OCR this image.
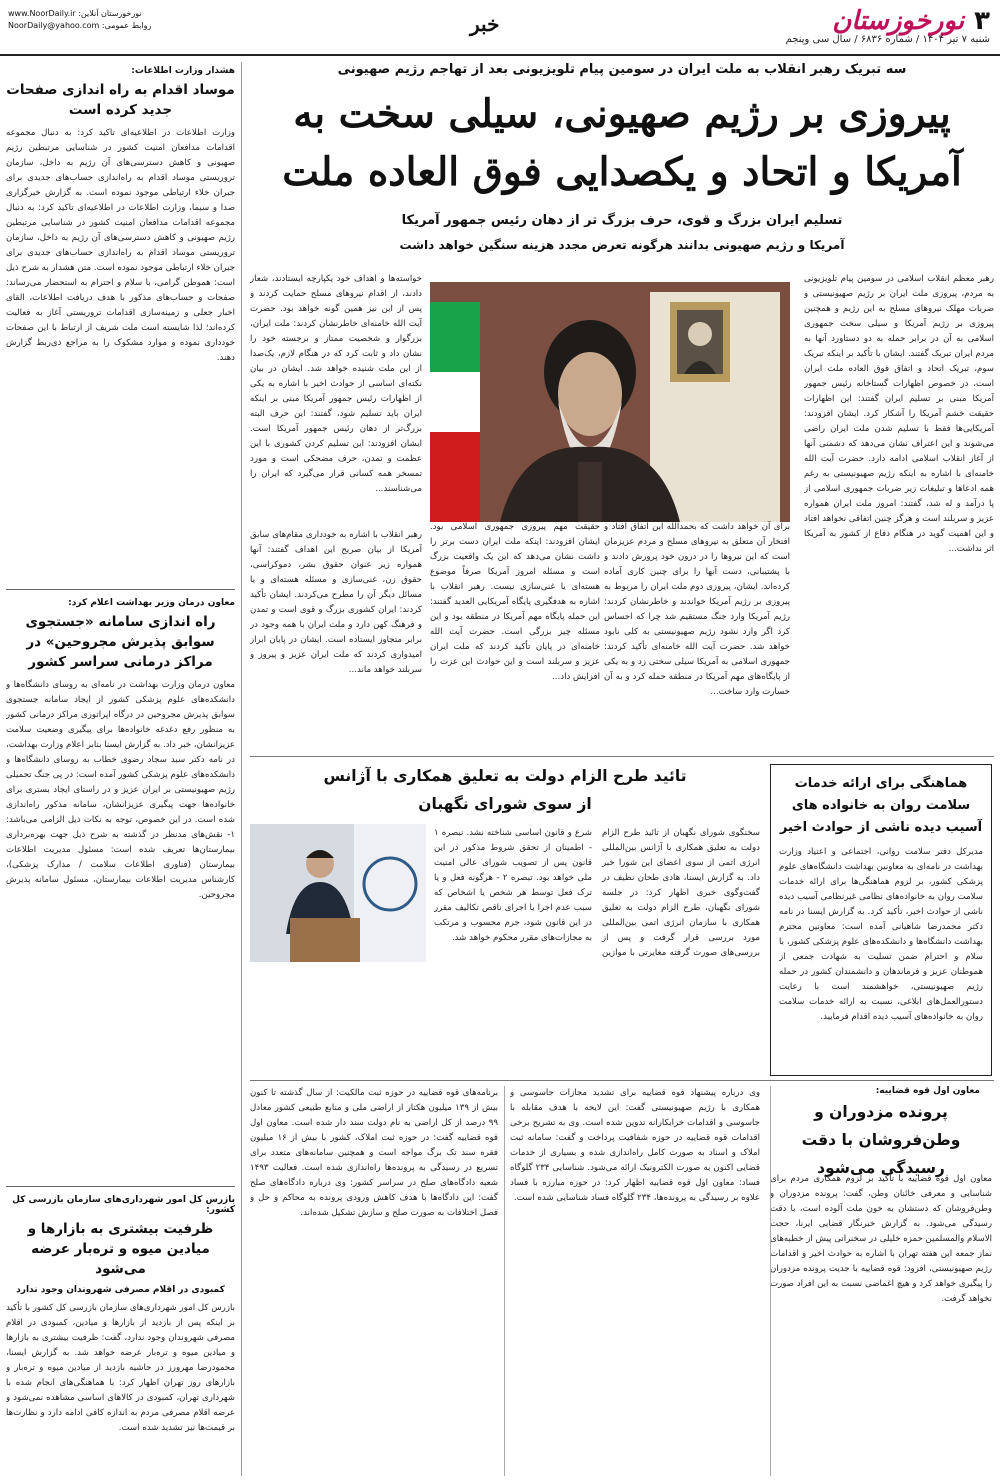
۳
نورخوزستان
شنبه ۷ تیر ۱۴۰۴ / شماره ۶۸۳۶ / سال سی وپنجم
خبر
نورخوزستان آنلاین: www.NoorDaily.ir
روابط عمومی: NoorDaily@yahoo.com
هشدار وزارت اطلاعات:
موساد اقدام به راه اندازی صفحات جدید کرده است
وزارت اطلاعات در اطلاعیه‌ای تاکید کرد: به دنبال مجموعه اقدامات مدافعان امنیت کشور در شناسایی مرتبطین رژیم صهیونی و کاهش دسترسی‌های آن رژیم به داخل، سازمان تروریستی موساد اقدام به راه‌اندازی حساب‌های جدیدی برای جبران خلاء ارتباطی موجود نموده است. به گزارش خبرگزاری صدا و سیما، وزارت اطلاعات در اطلاعیه‌ای تاکید کرد: به دنبال مجموعه اقدامات مدافعان امنیت کشور در شناسایی مرتبطین رژیم صهیونی و کاهش دسترسی‌های آن رژیم به داخل، سازمان تروریستی موساد اقدام به راه‌اندازی حساب‌های جدیدی برای جبران خلاء ارتباطی موجود نموده است. متن هشدار به شرح ذیل است: هموطن گرامی، با سلام و احترام به استحضار می‌رساند: صفحات و حساب‌های مذکور با هدف دریافت اطلاعات، القای اخبار جعلی و زمینه‌سازی اقدامات تروریستی آغاز به فعالیت کرده‌اند؛ لذا شایسته است ملت شریف از ارتباط با این صفحات خودداری نموده و موارد مشکوک را به مراجع ذی‌ربط گزارش دهند.
معاون درمان وزیر بهداشت اعلام کرد:
راه اندازی سامانه «جستجوی سوابق پذیرش مجروحین» در مراکز درمانی سراسر کشور
معاون درمان وزارت بهداشت در نامه‌ای به روسای دانشگاه‌ها و دانشکده‌های علوم پزشکی کشور از ایجاد سامانه جستجوی سوابق پذیرش مجروحین در درگاه اپراتوری مراکز درمانی کشور به منظور رفع دغدغه خانواده‌ها برای پیگیری وضعیت سلامت عزیزانشان، خبر داد. به گزارش ایسنا بنابر اعلام وزارت بهداشت، در نامه دکتر سید سجاد رضوی خطاب به روسای دانشگاه‌ها و دانشکده‌های علوم پزشکی کشور آمده است: در پی جنگ تحمیلی رژیم صهیونیستی بر ایران عزیز و در راستای ایجاد بستری برای خانواده‌ها جهت پیگیری عزیزانشان، سامانه مذکور راه‌اندازی شده است. در این خصوص، توجه به نکات ذیل الزامی می‌باشد: ۱- نقش‌های مدنظر در گذشته به شرح ذیل جهت بهره‌برداری بیمارستان‌ها تعریف شده است: مسئول مدیریت اطلاعات بیمارستان (فناوری اطلاعات سلامت / مدارک پزشکی)، کارشناس مدیریت اطلاعات بیمارستان، مسئول سامانه پذیرش مجروحین.
بازرس کل امور شهرداری‌های سازمان بازرسی کل کشور:
ظرفیت بیشتری به بازارها و میادین میوه و تره‌بار عرضه می‌شود
کمبودی در اقلام مصرفی شهروندان وجود ندارد
بازرس کل امور شهرداری‌های سازمان بازرسی کل کشور با تأکید بر اینکه پس از بازدید از بازارها و میادین، کمبودی در اقلام مصرفی شهروندان وجود ندارد، گفت: ظرفیت بیشتری به بازارها و میادین میوه و تره‌بار عرضه خواهد شد. به گزارش ایسنا، محمودرضا مهرورز در حاشیه بازدید از میادین میوه و تره‌بار و بازارهای روز تهران اظهار کرد: با هماهنگی‌های انجام شده با شهرداری تهران، کمبودی در کالاهای اساسی مشاهده نمی‌شود و عرضه اقلام مصرفی مردم به اندازه کافی ادامه دارد و نظارت‌ها بر قیمت‌ها نیز تشدید شده است.
سه تبریک رهبر انقلاب به ملت ایران در سومین پیام تلویزیونی بعد از تهاجم رژیم صهیونی
پیروزی بر رژیم صهیونی، سیلی سخت به
آمریکا و اتحاد و یکصدایی فوق العاده ملت
تسلیم ایران بزرگ و قوی، حرف بزرگ‌ تر از دهان رئیس جمهور آمریکا
آمریکا و رژیم صهیونی بدانند هرگونه تعرض مجدد هزینه سنگین خواهد داشت
رهبر معظم انقلاب اسلامی در سومین پیام تلویزیونی به مردم، پیروزی ملت ایران بر رژیم صهیونیستی و ضربات مهلک نیروهای مسلح به این رژیم و همچنین پیروزی بر رژیم آمریکا و سیلی سخت جمهوری اسلامی به آن در برابر حمله به دو دستاورد آنها به مردم ایران تبریک گفتند. ایشان با تأکید بر اینکه تبریک سوم، تبریک اتحاد و اتفاق فوق العاده ملت ایران است، در خصوص اظهارات گستاخانه رئیس جمهور آمریکا مبنی بر تسلیم ایران گفتند: این اظهارات حقیقت خشم آمریکا را آشکار کرد. ایشان افزودند: آمریکایی‌ها فقط با تسلیم شدن ملت ایران راضی می‌شوند و این اعتراف نشان می‌دهد که دشمنی آنها از آغاز انقلاب اسلامی ادامه دارد. حضرت آیت الله خامنه‌ای با اشاره به اینکه رژیم صهیونیستی به رغم همه ادعاها و تبلیغات زیر ضربات جمهوری اسلامی از پا درآمد و له شد، گفتند: امروز ملت ایران همواره عزیز و سربلند است و هرگز چنین اتفاقی نخواهد افتاد و این اهمیت گوید در هنگام دفاع از کشور به آمریکا اثر نداشت...
خواسته‌ها و اهداف خود یکپارچه ایستادند، شعار دادند، از اقدام نیروهای مسلح حمایت کردند و پس از این نیز همین گونه خواهد بود. حضرت آیت الله خامنه‌ای خاطرنشان کردند: ملت ایران، بزرگوار و شخصیت ممتاز و برجسته خود را نشان داد و ثابت کرد که در هنگام لازم، یک‌صدا از این ملت شنیده خواهد شد. ایشان در بیان نکته‌ای اساسی از حوادث اخیر با اشاره به یکی از اظهارات رئیس جمهور آمریکا مبنی بر اینکه ایران باید تسلیم شود، گفتند: این حرف البته بزرگ‌تر از دهان رئیس جمهور آمریکا است. ایشان افزودند: این تسلیم کردن کشوری با این عظمت و تمدن، حرف مضحکی است و مورد تمسخر همه کسانی قرار می‌گیرد که ایران را می‌شناسند...
برای آن خواهد داشت که بحمدالله این اتفاق افتاد و افتخار آن متعلق به نیروهای مسلح و مردم عزیزمان است که این نیروها را در درون خود پرورش دادند و با پشتیبانی، دست آنها را برای چنین کاری آماده کرده‌اند. ایشان، پیروزی دوم ملت ایران را مربوط به پیروزی بر رژیم آمریکا خواندند و خاطرنشان کردند: رژیم آمریکا وارد جنگ مستقیم شد چرا که احساس کرد اگر وارد نشود رژیم صهیونیستی به کلی نابود خواهد شد. حضرت آیت الله خامنه‌ای تأکید کردند: جمهوری اسلامی به آمریکا سیلی سختی زد و به یکی از پایگاه‌های مهم آمریکا در منطقه حمله کرد و به آن خسارت وارد ساخت...
حقیقت مهم پیروزی جمهوری اسلامی بود. ایشان افزودند: اینکه ملت ایران دست برتر را داشت نشان می‌دهد که این یک واقعیت بزرگ است و مسئله امروز آمریکا صرفاً موضوع هسته‌ای یا غنی‌سازی نیست. رهبر انقلاب با اشاره به هدفگیری پایگاه آمریکایی العدید گفتند: این حمله پایگاه مهم آمریکا در منطقه بود و این مسئله چیز بزرگی است. حضرت آیت الله خامنه‌ای در پایان تأکید کردند که ملت ایران عزیز و سربلند است و این حوادث این عزت را افزایش داد...
رهبر انقلاب با اشاره به خودداری مقام‌های سابق آمریکا از بیان صریح این اهداف گفتند: آنها همواره زیر عنوان حقوق بشر، دموکراسی، حقوق زن، غنی‌سازی و مسئله هسته‌ای و یا مسائل دیگر آن را مطرح می‌کردند. ایشان تأکید کردند: ایران کشوری بزرگ و قوی است و تمدن و فرهنگ کهن دارد و ملت ایران با همه وجود در برابر متجاوز ایستاده است. ایشان در پایان ابراز امیدواری کردند که ملت ایران عزیز و پیروز و سربلند خواهد ماند...
هماهنگی برای ارائه خدمات سلامت روان به خانواده های آسیب دیده ناشی از حوادث اخیر
مدیرکل دفتر سلامت روانی، اجتماعی و اعتیاد وزارت بهداشت در نامه‌ای به معاونین بهداشت دانشگاه‌های علوم پزشکی کشور، بر لزوم هماهنگی‌ها برای ارائه خدمات سلامت روان به خانواده‌های نظامی غیرنظامی آسیب دیده ناشی از حوادث اخیر، تأکید کرد. به گزارش ایسنا در نامه دکتر محمدرضا شاهیانی آمده است: معاونین محترم بهداشت دانشگاه‌ها و دانشکده‌های علوم پزشکی کشور، با سلام و احترام ضمن تسلیت به شهادت جمعی از هموطنان عزیز و فرماندهان و دانشمندان کشور در حمله رژیم صهیونیستی، خواهشمند است با رعایت دستورالعمل‌های ابلاغی، نسبت به ارائه خدمات سلامت روان به خانواده‌های آسیب دیده اقدام فرمایید.
تائید طرح الزام دولت به تعلیق همکاری با آژانس
از سوی شورای نگهبان
سخنگوی شورای نگهبان از تائید طرح الزام دولت به تعلیق همکاری با آژانس بین‌المللی انرژی اتمی از سوی اعضای این شورا خبر داد. به گزارش ایسنا، هادی طحان نظیف در گفت‌وگوی خبری اظهار کرد: در جلسه شورای نگهبان، طرح الزام دولت به تعلیق همکاری با سازمان انرژی اتمی بین‌المللی مورد بررسی قرار گرفت و پس از بررسی‌های صورت گرفته مغایرتی با موازین شرع و قانون اساسی شناخته نشد. نبصره ۱ - اطمینان از تحقق شروط مذکور در این قانون پس از تصویب شورای عالی امنیت ملی خواهد بود. تبصره ۲ - هرگونه فعل و یا ترک فعل توسط هر شخص یا اشخاص که سبب عدم اجرا یا اجرای ناقص تکالیف مقرر در این قانون شود، جرم محسوب و مرتکب به مجازات‌های مقرر محکوم خواهد شد.
معاون اول قوه قضاییه:
پرونده مزدوران و وطن‌فروشان با دقت رسیدگی می‌شود
معاون اول قوه قضاییه با تاکید بر لزوم همکاری مردم برای شناسایی و معرفی خائنان وطن، گفت: پرونده مزدوران و وطن‌فروشان که دستشان به خون ملت آلوده است، با دقت رسیدگی می‌شود. به گزارش خبرنگار قضایی ایرنا، حجت الاسلام والمسلمین حمزه خلیلی در سخنرانی پیش از خطبه‌های نماز جمعه این هفته تهران با اشاره به حوادث اخیر و اقدامات رژیم صهیونیستی، افزود: قوه قضاییه با جدیت پرونده مزدوران را پیگیری خواهد کرد و هیچ اغماضی نسبت به این افراد صورت نخواهد گرفت.
وی درباره پیشنهاد قوه قضاییه برای تشدید مجازات جاسوسی و همکاری با رژیم صهیونیستی گفت: این لایحه با هدف مقابله با جاسوسی و اقدامات خرابکارانه تدوین شده است. وی به تشریح برخی اقدامات قوه قضاییه در حوزه شفافیت پرداخت و گفت: سامانه ثبت املاک و اسناد به صورت کامل راه‌اندازی شده و بسیاری از خدمات قضایی اکنون به صورت الکترونیک ارائه می‌شود. شناسایی ۲۳۴ گلوگاه فساد: معاون اول قوه قضاییه اظهار کرد: در حوزه مبارزه با فساد علاوه بر رسیدگی به پرونده‌ها، ۲۳۴ گلوگاه فساد شناسایی شده است.
برنامه‌های قوه قضاییه در حوزه ثبت مالکیت: از سال گذشته تا کنون بیش از ۱۳۹ میلیون هکتار از اراضی ملی و منابع طبیعی کشور معادل ۹۹ درصد از کل اراضی به نام دولت سند دار شده است. معاون اول قوه قضاییه گفت: در حوزه ثبت املاک، کشور با بیش از ۱۶ میلیون فقره سند تک برگ مواجه است و همچنین سامانه‌های متعدد برای تسریع در رسیدگی به پرونده‌ها راه‌اندازی شده است. فعالیت ۱۴۹۳ شعبه دادگاه‌های صلح در سراسر کشور: وی درباره دادگاه‌های صلح گفت: این دادگاه‌ها با هدف کاهش ورودی پرونده به محاکم و حل و فصل اختلافات به صورت صلح و سازش تشکیل شده‌اند.
